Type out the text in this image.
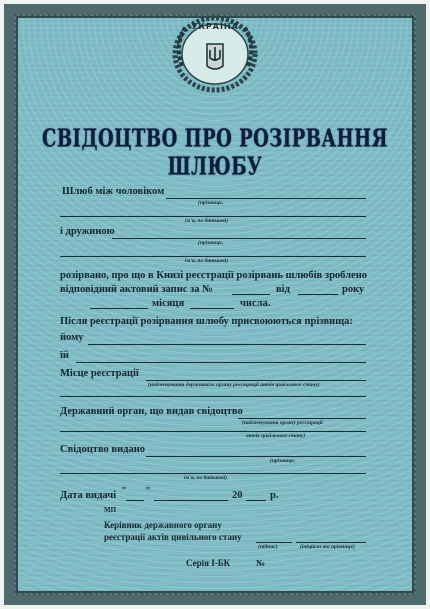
УКРАЇНА
СВІДОЦТВО ПРО РОЗІРВАННЯ ШЛЮБУ
Шлюб між чоловіком
(прізвище,
ім'я, по батькові)
і дружиною
(прізвище,
ім'я, по батькові)
розірвано, про що в Книзі реєстрації розірвань шлюбів зроблено
відповідний актовий запис за №	від	року
місяця	числа.
Після реєстрації розірвання шлюбу присвоюються прізвища:
йому
їй
Місце реєстрації
(найменування державного органу реєстрації актів цивільного стану)
Державний орган, що видав свідоцтво
(найменування органу реєстрації
актів цивільного стану)
Свідоцтво видано
(прізвище,
ім'я, по батькові)
Дата видачі " "	20	р.
МП
Керівник державного органу
реєстрації актів цивільного стану
(підпис)	(ініціали та прізвище)
Серія І-БК	№
